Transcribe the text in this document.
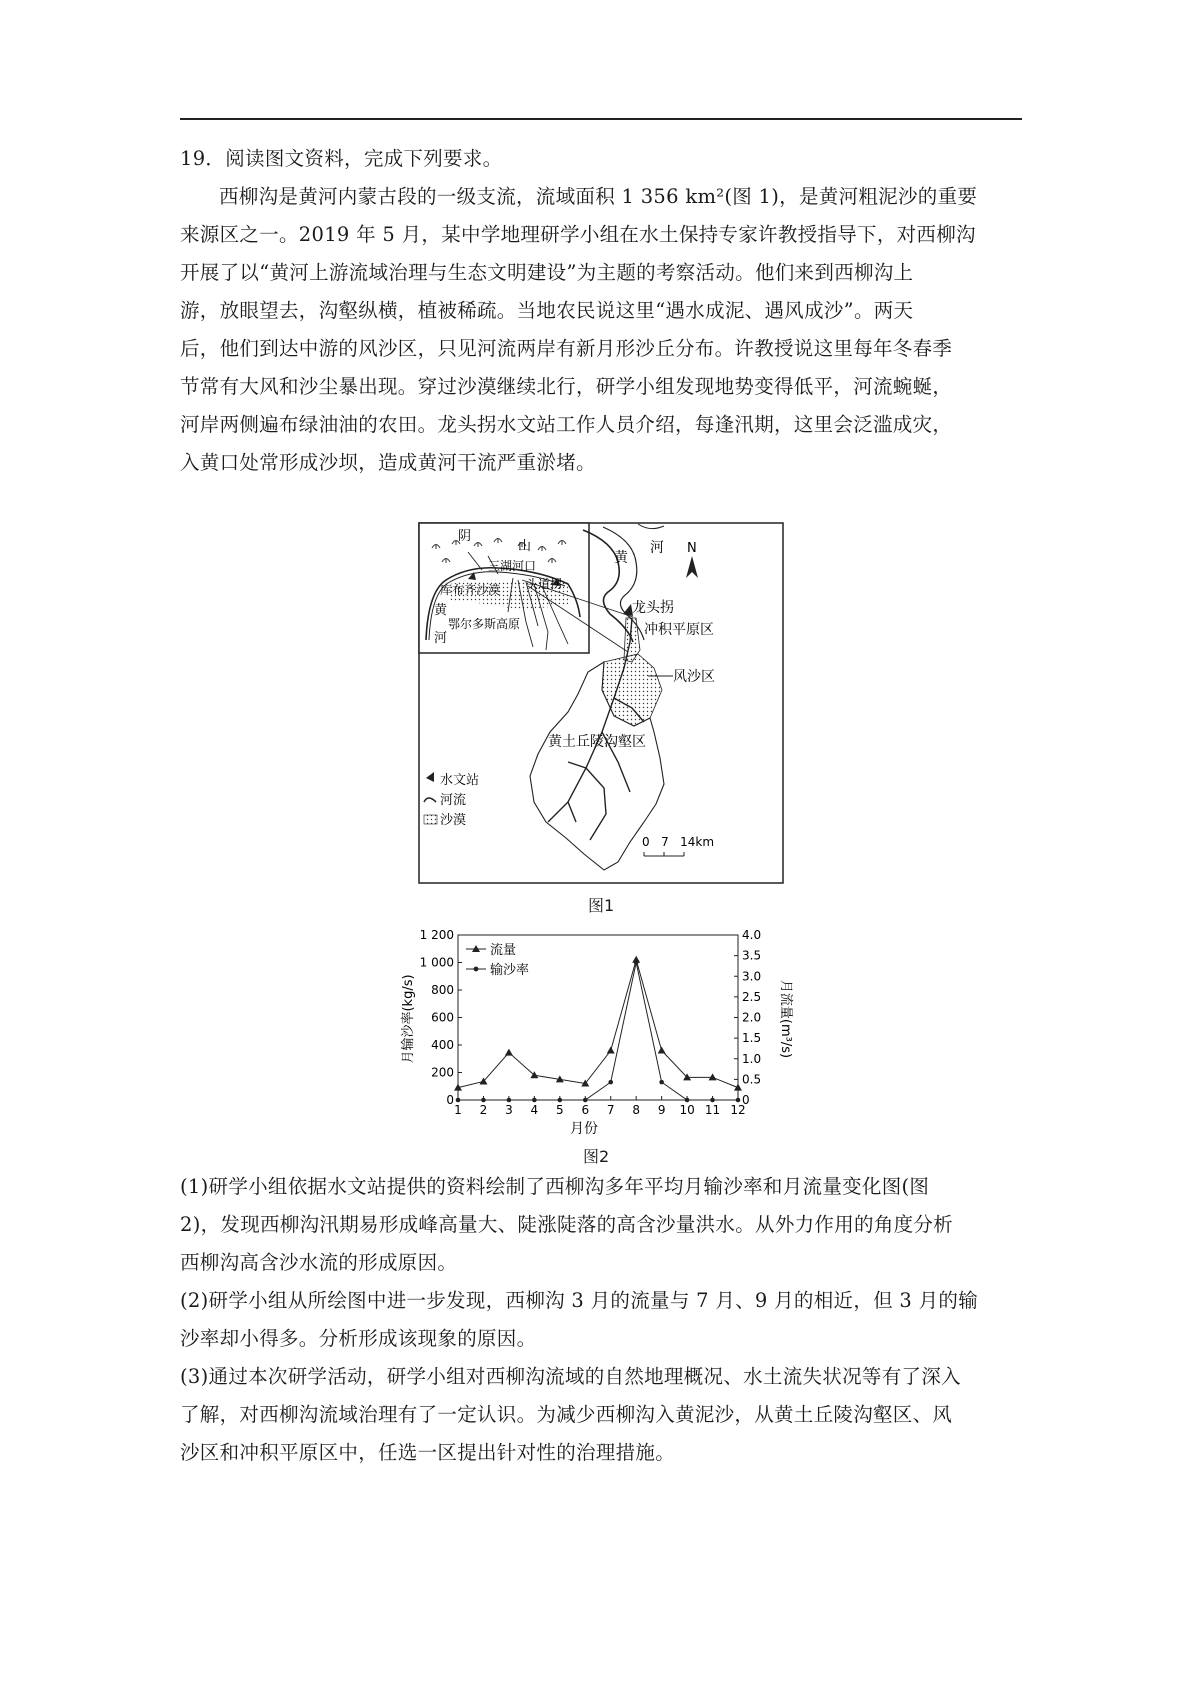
19．阅读图文资料，完成下列要求。
西柳沟是黄河内蒙古段的一级支流，流域面积 1 356 km²(图 1)，是黄河粗泥沙的重要
来源区之一。2019 年 5 月，某中学地理研学小组在水土保持专家许教授指导下，对西柳沟
开展了以“黄河上游流域治理与生态文明建设”为主题的考察活动。他们来到西柳沟上
游，放眼望去，沟壑纵横，植被稀疏。当地农民说这里“遇水成泥、遇风成沙”。两天
后，他们到达中游的风沙区，只见河流两岸有新月形沙丘分布。许教授说这里每年冬春季
节常有大风和沙尘暴出现。穿过沙漠继续北行，研学小组发现地势变得低平，河流蜿蜒，
河岸两侧遍布绿油油的农田。龙头拐水文站工作人员介绍，每逢汛期，这里会泛滥成灾，
入黄口处常形成沙坝，造成黄河干流严重淤堵。
阴
山
三湖河口
头道拐
库布齐沙漠
黄
河
鄂尔多斯高原
黄
河 N
龙头拐
冲积平原区
风沙区
黄土丘陵沟壑区
水文站
河流
沙漠
0   7   14km
图1
0
200
400
600
800
1 000
1 200
0
0.5
1.0
1.5
2.0
2.5
3.0
3.5
4.0
1 2 3 4 5 6 7 8 9 10 11 12
月份
月输沙率(kg/s)	月流量(m³/s)
流量
输沙率
图2
(1)研学小组依据水文站提供的资料绘制了西柳沟多年平均月输沙率和月流量变化图(图
2)，发现西柳沟汛期易形成峰高量大、陡涨陡落的高含沙量洪水。从外力作用的角度分析
西柳沟高含沙水流的形成原因。
(2)研学小组从所绘图中进一步发现，西柳沟 3 月的流量与 7 月、9 月的相近，但 3 月的输
沙率却小得多。分析形成该现象的原因。
(3)通过本次研学活动，研学小组对西柳沟流域的自然地理概况、水土流失状况等有了深入
了解，对西柳沟流域治理有了一定认识。为减少西柳沟入黄泥沙，从黄土丘陵沟壑区、风
沙区和冲积平原区中，任选一区提出针对性的治理措施。
